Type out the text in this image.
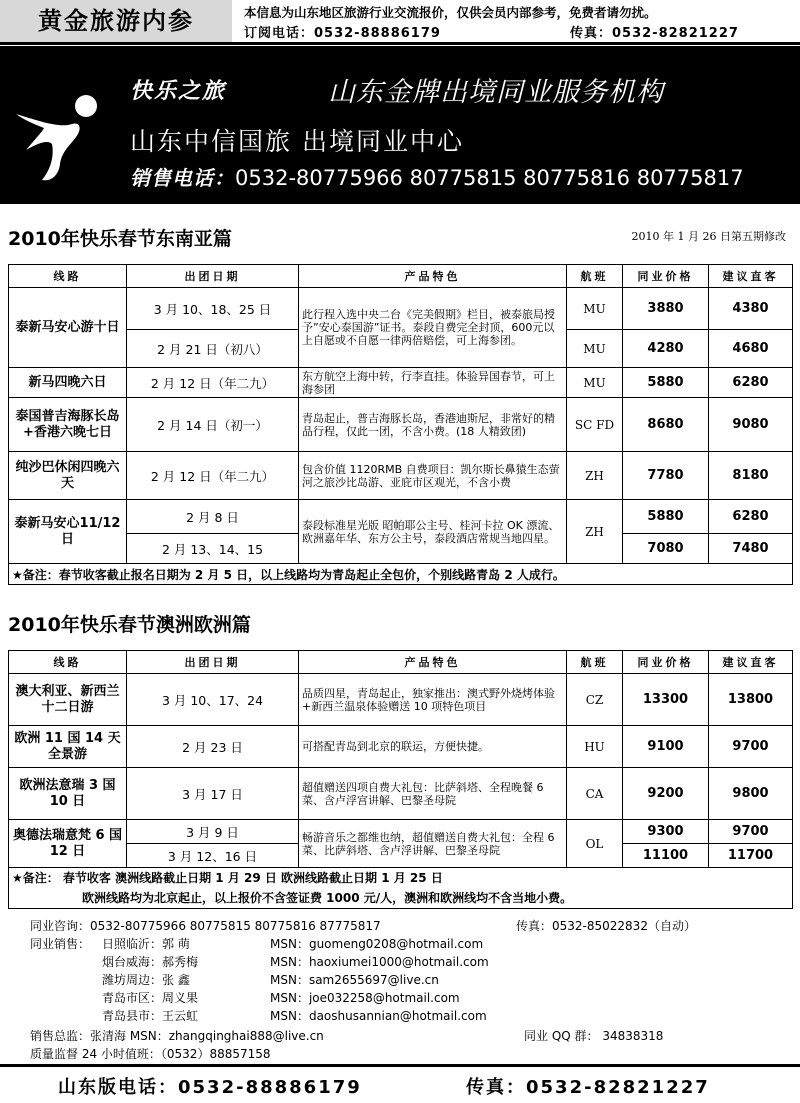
黄金旅游内参	本信息为山东地区旅游行业交流报价，仅供会员内部参考，免费者请勿扰。
订阅电话：0532-88886179	传真：0532-82821227
快乐之旅	山东金牌出境同业服务机构
山东中信国旅 出境同业中心
销售电话：0532-80775966 80775815 80775816 80775817
2010年快乐春节东南亚篇	2010 年 1 月 26 日第五期修改
线路	出团日期	产品特色	航班	同业价格	建议直客
泰新马安心游十日	3 月 10、18、25 日	此行程入选中央二台《完美假期》栏目，被泰旅局授予”安心泰国游”证书。泰段自费完全封顶，600元以上自愿或不自愿一律两倍赔偿，可上海参团。	MU	3880	4380
	2 月 21 日（初八）		MU	4280	4680
新马四晚六日	2 月 12 日（年二九）	东方航空上海中转，行李直挂。体验异国春节，可上海参团	MU	5880	6280
泰国普吉海豚长岛+香港六晚七日	2 月 14 日（初一）	青岛起止，普吉海豚长岛，香港迪斯尼，非常好的精品行程，仅此一团，不含小费。(18 人精致团)	SC FD	8680	9080
纯沙巴休闲四晚六天	2 月 12 日（年二九）	包含价值 1120RMB 自费项目：凯尔斯长鼻猿生态萤河之旅沙比岛游、亚庇市区观光，不含小费	ZH	7780	8180
泰新马安心11/12日	2 月 8 日	泰段标准星光版 昭帕耶公主号、桂河卡拉 OK 漂流、欧洲嘉年华、东方公主号，泰段酒店常规当地四星。	ZH	5880	6280
	2 月 13、14、15			7080	7480
★备注：春节收客截止报名日期为 2 月 5 日，以上线路均为青岛起止全包价，个别线路青岛 2 人成行。					
2010年快乐春节澳洲欧洲篇
线路	出团日期	产品特色	航班	同业价格	建议直客
澳大利亚、新西兰十二日游	3 月 10、17、24	品质四星，青岛起止，独家推出：澳式野外烧烤体验+新西兰温泉体验赠送 10 项特色项目	CZ	13300	13800
欧洲 11 国 14 天全景游	2 月 23 日	可搭配青岛到北京的联运，方便快捷。	HU	9100	9700
欧洲法意瑞 3 国 10 日	3 月 17 日	超值赠送四项自费大礼包：比萨斜塔、全程晚餐 6 菜、含卢浮宫讲解、巴黎圣母院	CA	9200	9800
奥德法瑞意梵 6 国 12 日	3 月 9 日	畅游音乐之都维也纳，超值赠送自费大礼包：全程 6 菜、比萨斜塔、含卢浮讲解、巴黎圣母院	OL	9300	9700
	3 月 12、16 日			11100	11700

★备注： 春节收客 澳洲线路截止日期 1 月 29 日 欧洲线路截止日期 1 月 25 日
欧洲线路均为北京起止，以上报价不含签证费 1000 元/人，澳洲和欧洲线均不含当地小费。					
同业咨询：0532-80775966 80775815 80775816 87775817	传真：0532-85022832（自动）
同业销售： 日照临沂：郭 萌	MSN：guomeng0208@hotmail.com
烟台威海：郝秀梅	MSN：haoxiumei1000@hotmail.com
潍坊周边：张 鑫	MSN：sam2655697@live.cn
青岛市区：周义果	MSN：joe032258@hotmail.com
青岛县市：王云虹	MSN：daoshusannian@hotmail.com
销售总监：张清海 MSN：zhangqinghai888@live.cn	同业 QQ 群： 34838318
质量监督 24 小时值班：（0532）88857158
山东版电话：0532-88886179	传真：0532-82821227
